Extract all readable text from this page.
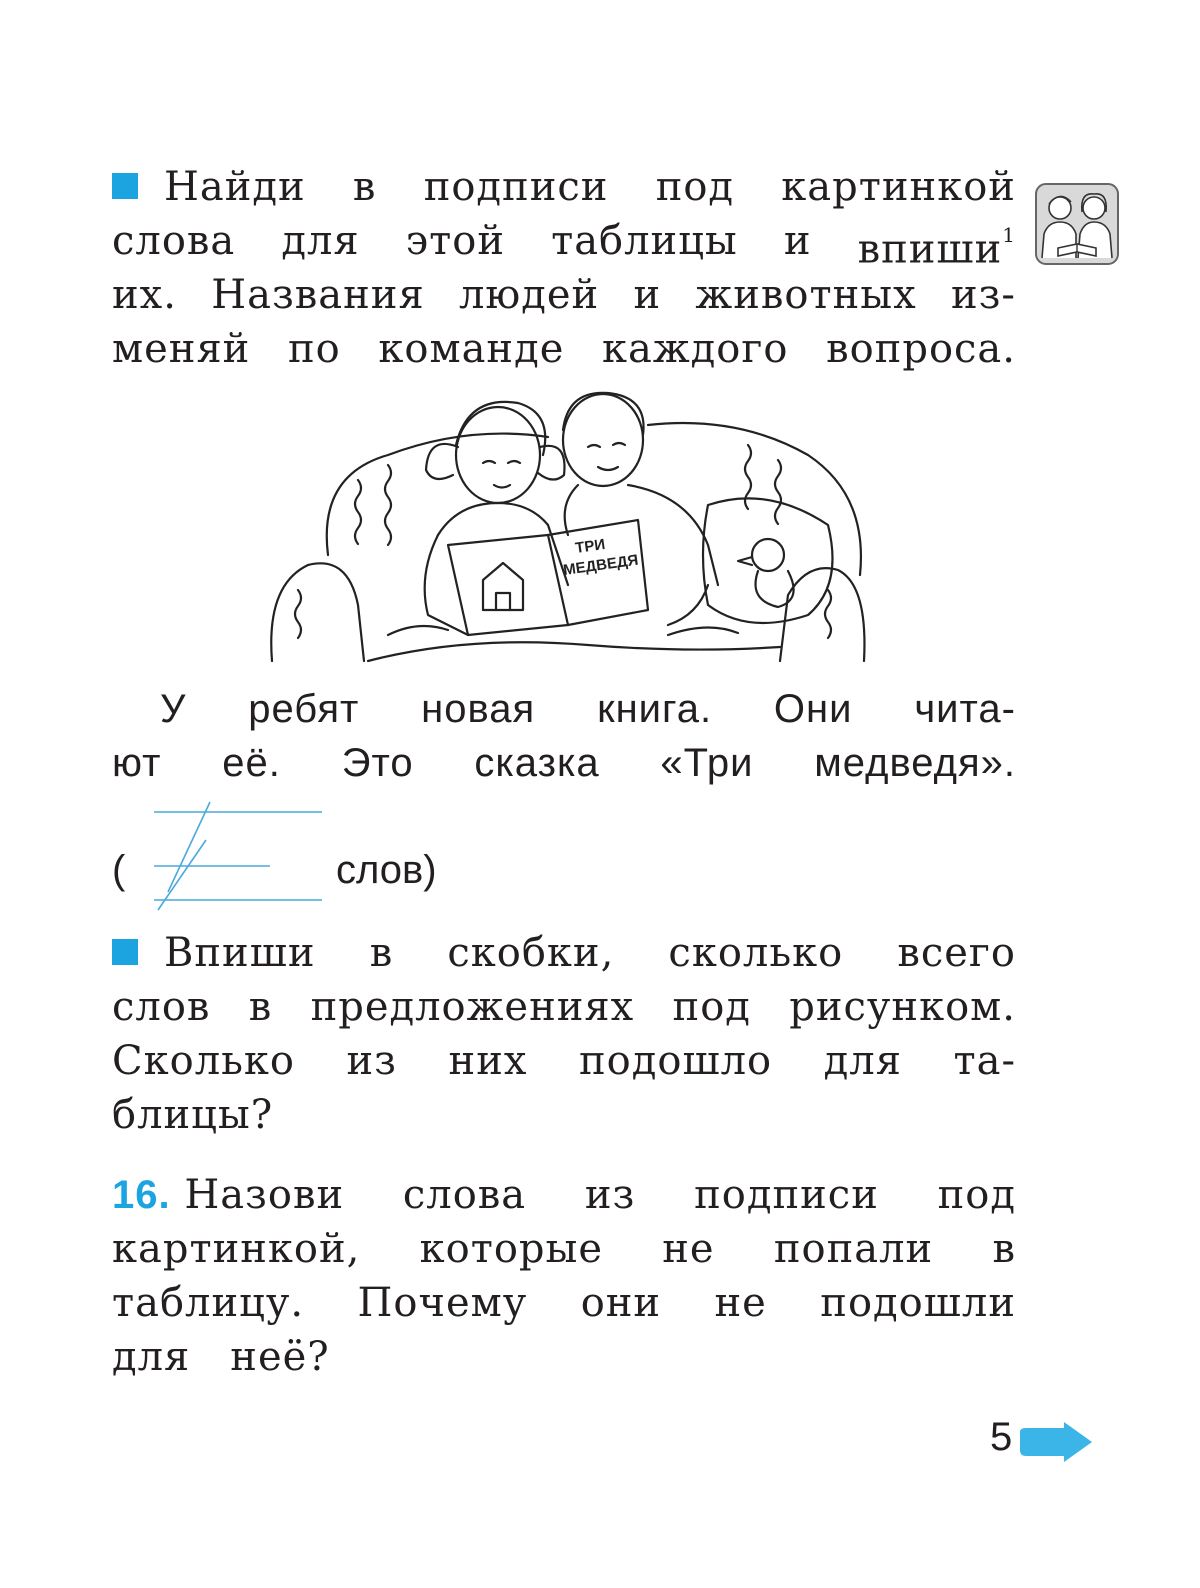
Найди в подписи под картинкой
слова для этой таблицы и впиши$^1$
их. Названия людей и животных из-
меняй по команде каждого вопроса.
ТРИ
МЕДВЕДЯ
У ребят новая книга. Они чита-
ют её. Это сказка «Три медведя».
(	слов)
Впиши в скобки, сколько всего
слов в предложениях под рисунком.
Сколько из них подошло для та-
блицы?
16. Назови слова из подписи под
картинкой, которые не попали в
таблицу. Почему они не подошли
для неё?
5
